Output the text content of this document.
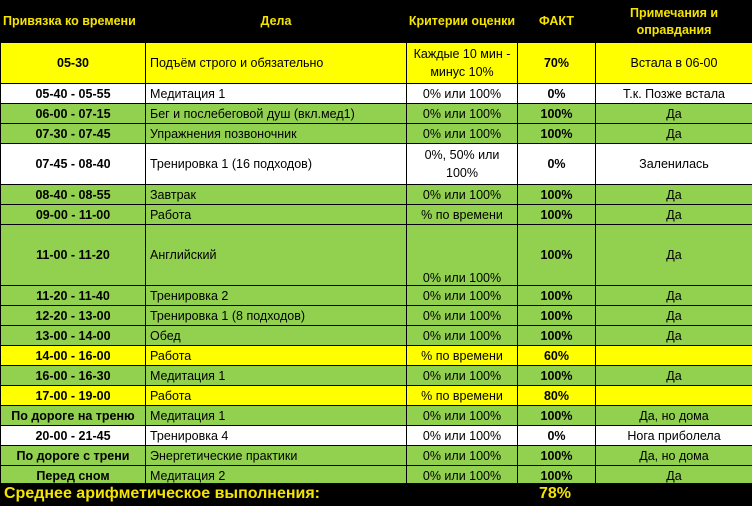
Привязка ко времени	Дела	Критерии оценки	ФАКТ	Примечания и оправдания
05-30	Подъём строго и обязательно	Каждые 10 мин - минус 10%	70%	Встала в 06-00
05-40 - 05-55	Медитация 1	0% или 100%	0%	Т.к. Позже встала
06-00 - 07-15	Бег и послебеговой душ (вкл.мед1)	0% или 100%	100%	Да
07-30 - 07-45	Упражнения позвоночник	0% или 100%	100%	Да
07-45 - 08-40	Тренировка 1 (16 подходов)	0%, 50% или 100%	0%	Заленилась
08-40 - 08-55	Завтрак	0% или 100%	100%	Да
09-00 - 11-00	Работа	% по времени	100%	Да
11-00 - 11-20	Английский	0% или 100%	100%	Да
11-20 - 11-40	Тренировка 2	0% или 100%	100%	Да
12-20 - 13-00	Тренировка 1 (8 подходов)	0% или 100%	100%	Да
13-00 - 14-00	Обед	0% или 100%	100%	Да
14-00 - 16-00	Работа	% по времени	60%	
16-00 - 16-30	Медитация 1	0% или 100%	100%	Да
17-00 - 19-00	Работа	% по времени	80%	
По дороге на треню	Медитация 1	0% или 100%	100%	Да, но дома
20-00 - 21-45	Тренировка 4	0% или 100%	0%	Нога приболела
По дороге с трени	Энергетические практики	0% или 100%	100%	Да, но дома
Перед сном	Медитация 2	0% или 100%	100%	Да
Среднее арифметическое выполнения:	78%
